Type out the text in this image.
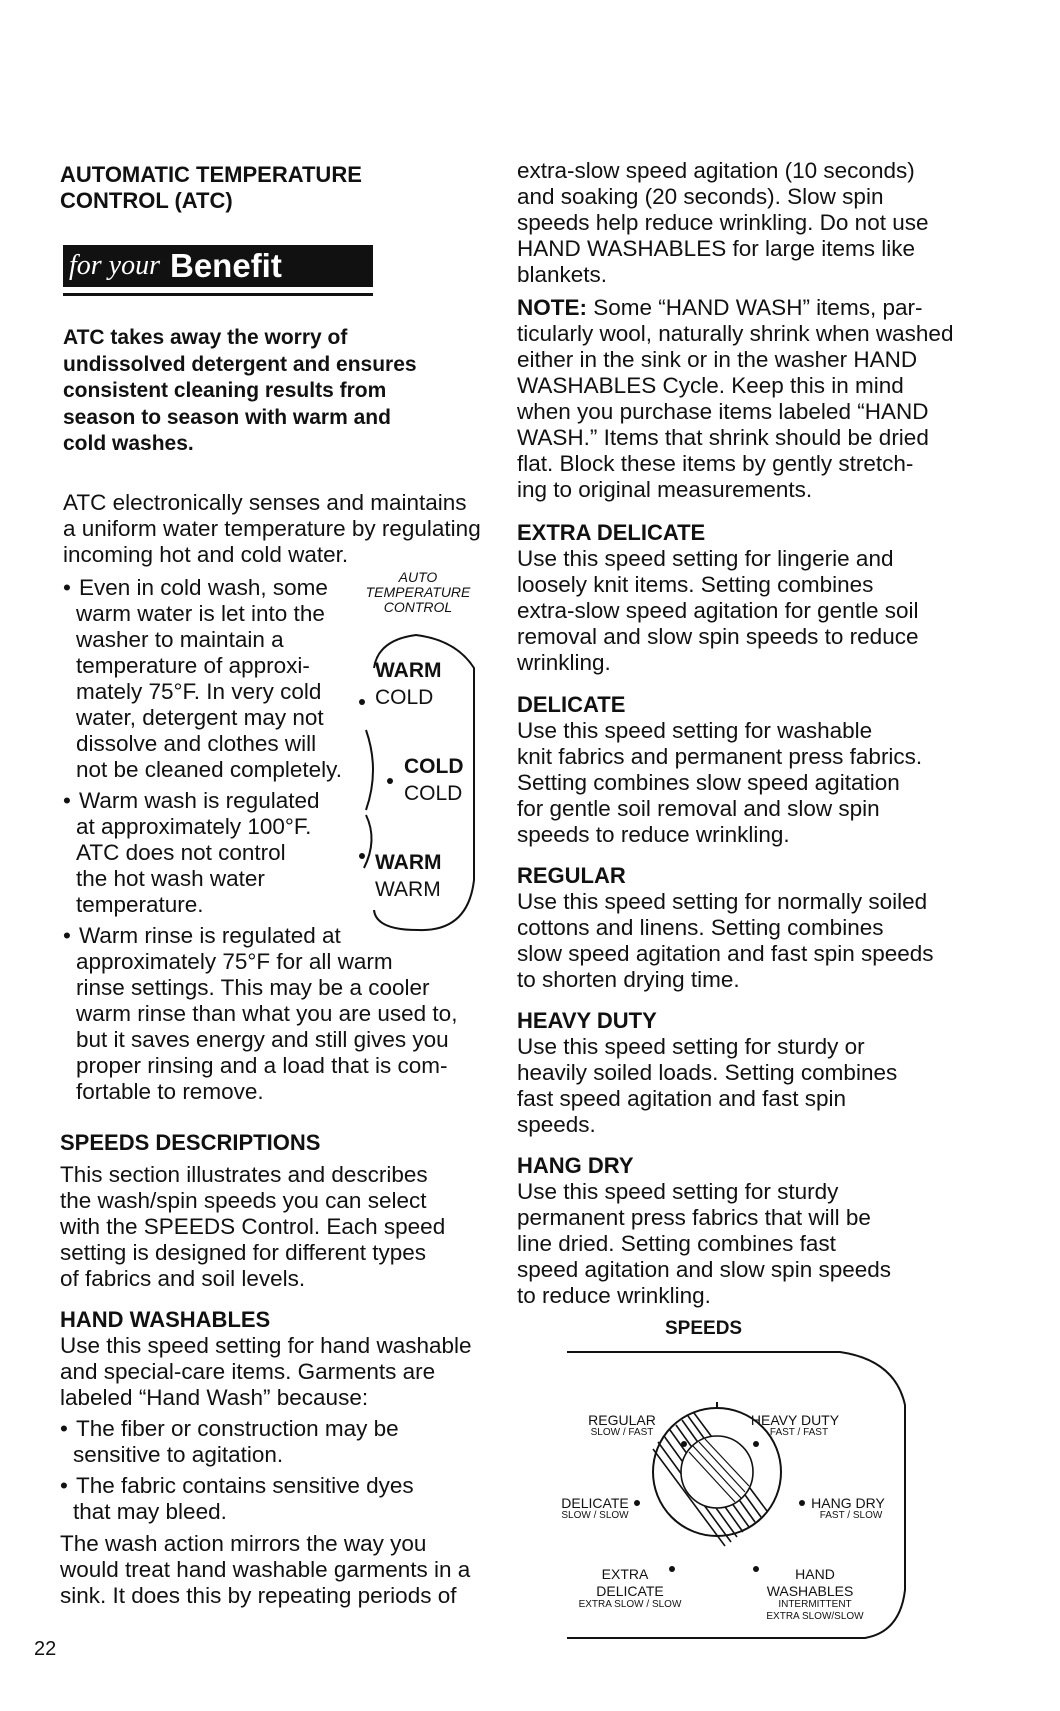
AUTOMATIC TEMPERATURE

CONTROL (ATC)

for your Benefit

ATC takes away the worry of

undissolved detergent and ensures

consistent cleaning results from

season to season with warm and

cold washes.

ATC electronically senses and maintains

a uniform water temperature by regulating

incoming hot and cold water.

• Even in cold wash, some

warm water is let into the

washer to maintain a

temperature of approxi-

mately 75°F. In very cold

water, detergent may not

dissolve and clothes will

not be cleaned completely.

• Warm wash is regulated

at approximately 100°F.

ATC does not control

the hot wash water

temperature.

• Warm rinse is regulated at

approximately 75°F for all warm

rinse settings. This may be a cooler

warm rinse than what you are used to,

but it saves energy and still gives you

proper rinsing and a load that is com-

fortable to remove.

AUTO
TEMPERATURE
CONTROL
WARM
COLD
COLD
COLD
WARM
WARM

SPEEDS DESCRIPTIONS

This section illustrates and describes

the wash/spin speeds you can select

with the SPEEDS Control. Each speed

setting is designed for different types

of fabrics and soil levels.

HAND WASHABLES

Use this speed setting for hand washable

and special-care items. Garments are

labeled “Hand Wash” because:

• The fiber or construction may be

sensitive to agitation.

• The fabric contains sensitive dyes

that may bleed.

The wash action mirrors the way you

would treat hand washable garments in a

sink. It does this by repeating periods of

22

extra-slow speed agitation (10 seconds)

and soaking (20 seconds). Slow spin

speeds help reduce wrinkling. Do not use

HAND WASHABLES for large items like

blankets.

NOTE: Some “HAND WASH” items, par-

ticularly wool, naturally shrink when washed

either in the sink or in the washer HAND

WASHABLES Cycle. Keep this in mind

when you purchase items labeled “HAND

WASH.” Items that shrink should be dried

flat. Block these items by gently stretch-

ing to original measurements.

EXTRA DELICATE

Use this speed setting for lingerie and

loosely knit items. Setting combines

extra-slow speed agitation for gentle soil

removal and slow spin speeds to reduce

wrinkling.

DELICATE

Use this speed setting for washable

knit fabrics and permanent press fabrics.

Setting combines slow speed agitation

for gentle soil removal and slow spin

speeds to reduce wrinkling.

REGULAR

Use this speed setting for normally soiled

cottons and linens. Setting combines

slow speed agitation and fast spin speeds

to shorten drying time.

HEAVY DUTY

Use this speed setting for sturdy or

heavily soiled loads. Setting combines

fast speed agitation and fast spin

speeds.

HANG DRY

Use this speed setting for sturdy

permanent press fabrics that will be

line dried. Setting combines fast

speed agitation and slow spin speeds

to reduce wrinkling.

SPEEDS
REGULAR
SLOW / FAST
HEAVY DUTY
FAST / FAST
DELICATE
SLOW / SLOW
HANG DRY
FAST / SLOW
EXTRA
DELICATE
EXTRA SLOW / SLOW
HAND
WASHABLES
INTERMITTENT
EXTRA SLOW/SLOW
